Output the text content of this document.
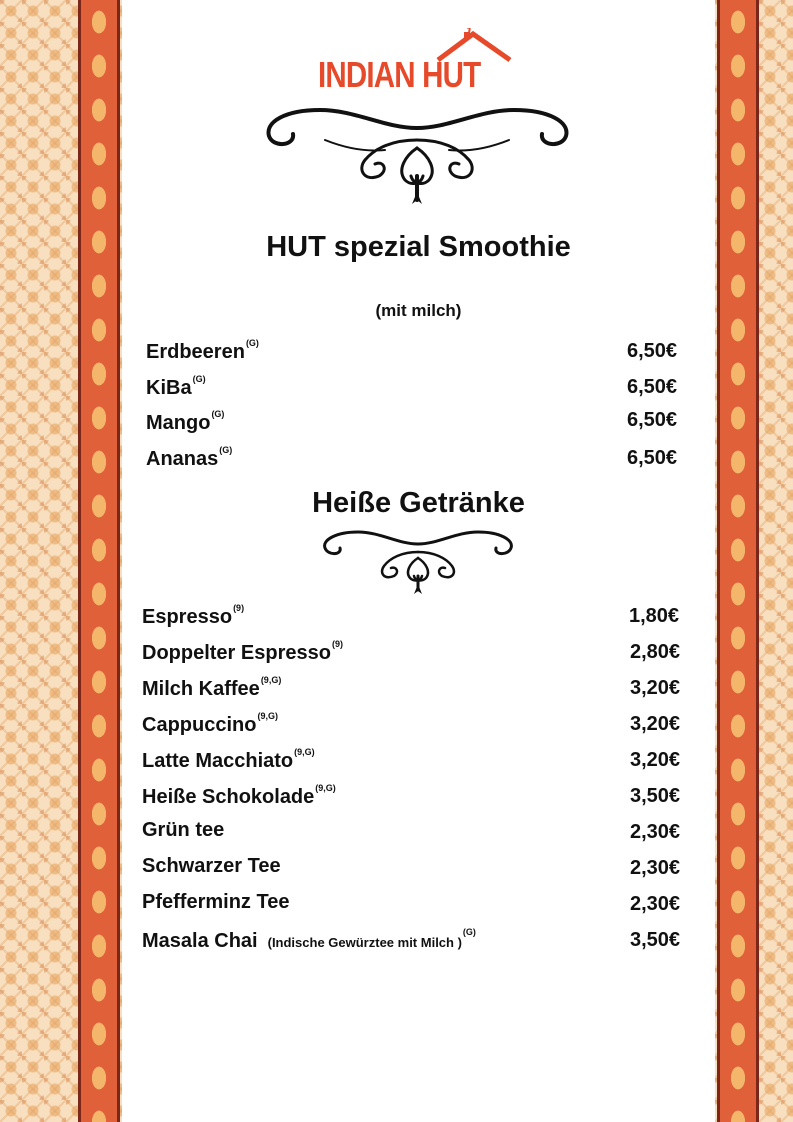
INDIAN HUT
HUT spezial Smoothie
(mit milch)
Erdbeeren$^{(G)}$	6,50€
KiBa$^{(G)}$	6,50€
Mango$^{(G)}$	6,50€
Ananas$^{(G)}$	6,50€
Heiße Getränke
Espresso$^{(9)}$	1,80€
Doppelter Espresso$^{(9)}$	2,80€
Milch Kaffee$^{(9,G)}$	3,20€
Cappuccino$^{(9,G)}$	3,20€
Latte Macchiato$^{(9,G)}$	3,20€
Heiße Schokolade$^{(9,G)}$	3,50€
Grün tee	2,30€
Schwarzer Tee	2,30€
Pfefferminz Tee	2,30€
Masala Chai (Indische Gewürztee mit Milch )$^{(G)}$	3,50€
